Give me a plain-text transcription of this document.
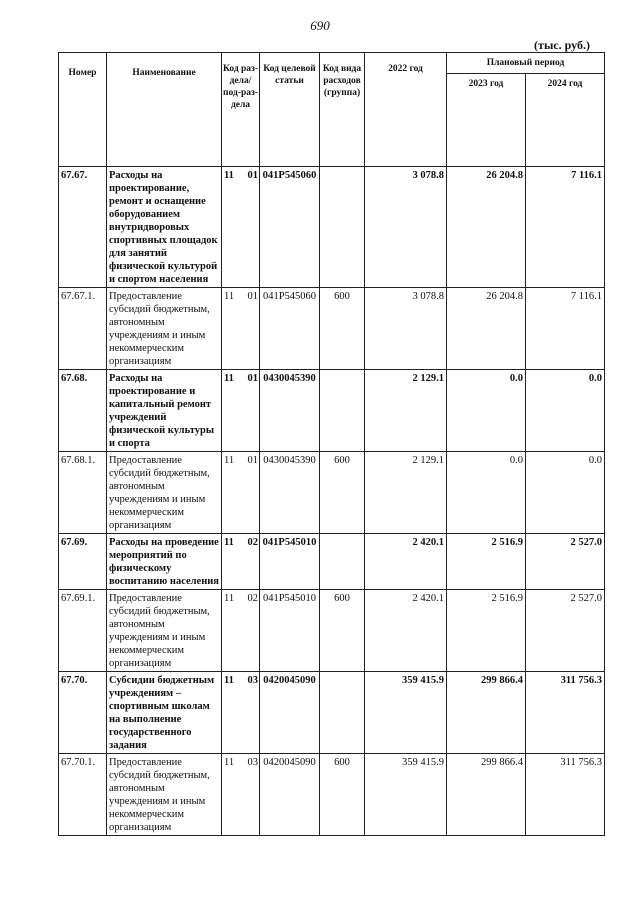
690
(тыс. руб.)
Номер	Наименование	Код раз-дела/ под-раз-дела	Код целевой статьи	Код вида расходов (группа)	2022 год	Плановый период	
						2023 год	2024 год
67.67.	Расходы на проектирование, ремонт и оснащение оборудованием внутридворовых спортивных площадок для занятий физической культурой и спортом населения	11 01	041P545060		3 078.8	26 204.8	7 116.1
67.67.1.	Предоставление субсидий бюджетным, автономным учреждениям и иным некоммерческим организациям	11 01	041P545060	600	3 078.8	26 204.8	7 116.1
67.68.	Расходы на проектирование и капитальный ремонт учреждений физической культуры и спорта	11 01	0430045390		2 129.1	0.0	0.0
67.68.1.	Предоставление субсидий бюджетным, автономным учреждениям и иным некоммерческим организациям	11 01	0430045390	600	2 129.1	0.0	0.0
67.69.	Расходы на проведение мероприятий по физическому воспитанию населения	11 02	041P545010		2 420.1	2 516.9	2 527.0
67.69.1.	Предоставление субсидий бюджетным, автономным учреждениям и иным некоммерческим организациям	11 02	041P545010	600	2 420.1	2 516.9	2 527.0
67.70.	Субсидии бюджетным учреждениям – спортивным школам на выполнение государственного задания	11 03	0420045090		359 415.9	299 866.4	311 756.3
67.70.1.	Предоставление субсидий бюджетным, автономным учреждениям и иным некоммерческим организациям	11 03	0420045090	600	359 415.9	299 866.4	311 756.3
